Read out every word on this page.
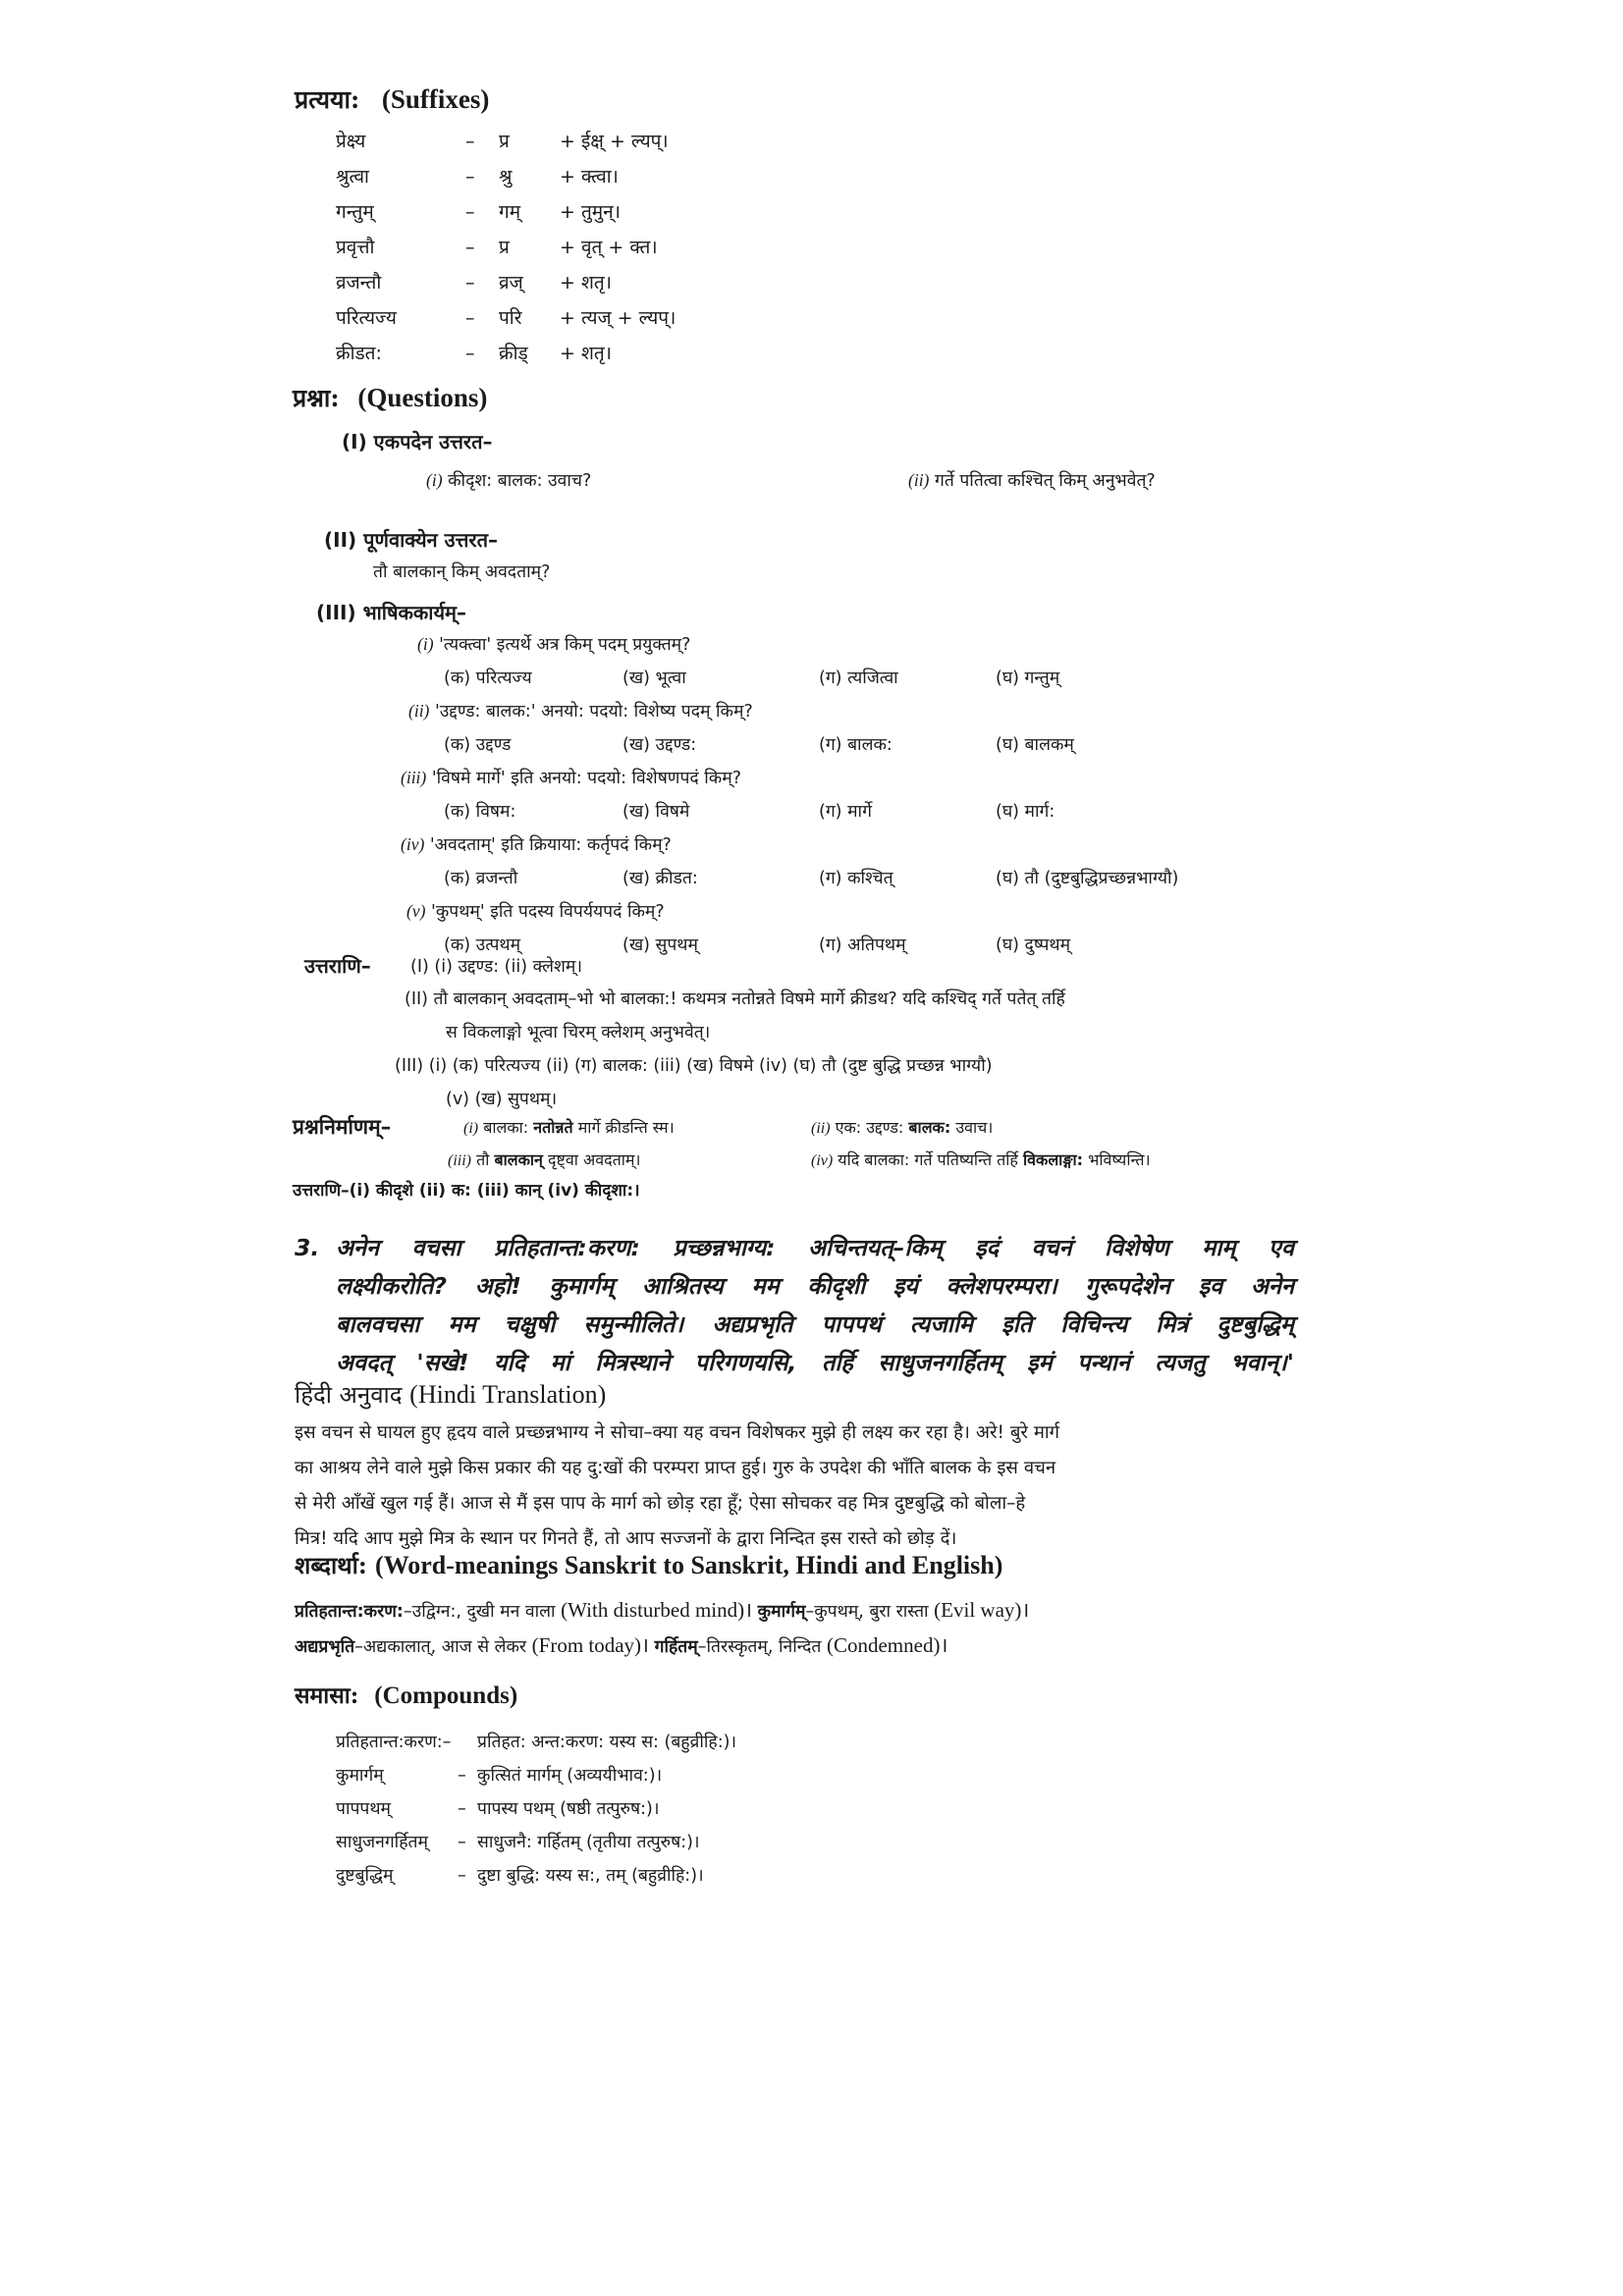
प्रत्यया: (Suffixes)
प्रेक्ष्य	– प्र	+ ईक्ष् + ल्यप्।
श्रुत्वा	– श्रु	+ क्त्वा।
गन्तुम्	– गम् + तुमुन्।
प्रवृत्तौ	– प्र	+ वृत् + क्त।
व्रजन्तौ	– व्रज् + शतृ।
परित्यज्य	– परि + त्यज् + ल्यप्।
क्रीडत:	– क्रीड् + शतृ।
प्रश्ना: (Questions)
(I) एकपदेन उत्तरत–
(i) कीदृश: बालक: उवाच?	(ii) गर्ते पतित्वा कश्चित् किम् अनुभवेत्?
(II) पूर्णवाक्येन उत्तरत–
तौ बालकान् किम् अवदताम्?
(III) भाषिककार्यम्–
(i) 'त्यक्त्वा' इत्यर्थे अत्र किम् पदम् प्रयुक्तम्?
(क) परित्यज्य	(ख) भूत्वा	(ग) त्यजित्वा	(घ) गन्तुम्
(ii) 'उद्दण्ड: बालक:' अनयो: पदयो: विशेष्य पदम् किम्?
(क) उद्दण्ड	(ख) उद्दण्ड:	(ग) बालक:	(घ) बालकम्
(iii) 'विषमे मार्गे' इति अनयो: पदयो: विशेषणपदं किम्?
(क) विषम:	(ख) विषमे	(ग) मार्गे	(घ) मार्ग:
(iv) 'अवदताम्' इति क्रियाया: कर्तृपदं किम्?
(क) व्रजन्तौ	(ख) क्रीडत:	(ग) कश्चित्	(घ) तौ (दुष्टबुद्धिप्रच्छन्नभाग्यौ)
(v) 'कुपथम्' इति पदस्य विपर्ययपदं किम्?
(क) उत्पथम्	(ख) सुपथम्	(ग) अतिपथम्	(घ) दुष्पथम्
उत्तराणि– (I) (i) उद्दण्ड: (ii) क्लेशम्।
(II) तौ बालकान् अवदताम्–भो भो बालका:! कथमत्र नतोन्नते विषमे मार्गे क्रीडथ? यदि कश्चिद् गर्ते पतेत् तर्हि
स विकलाङ्गो भूत्वा चिरम् क्लेशम् अनुभवेत्।
(III) (i) (क) परित्यज्य (ii) (ग) बालक: (iii) (ख) विषमे (iv) (घ) तौ (दुष्ट बुद्धि प्रच्छन्न भाग्यौ)
(v) (ख) सुपथम्।
प्रश्ननिर्माणम्–	(i) बालका: नतोन्नते मार्गे क्रीडन्ति स्म।	(ii) एक: उद्दण्ड: बालक: उवाच।
(iii) तौ बालकान् दृष्ट्वा अवदताम्।	(iv) यदि बालका: गर्ते पतिष्यन्ति तर्हि विकलाङ्गा: भविष्यन्ति।
उत्तराणि–(i) कीदृशे (ii) क: (iii) कान् (iv) कीदृशा:।
3. अनेन वचसा प्रतिहतान्त:करण: प्रच्छन्नभाग्य: अचिन्तयत्–किम् इदं वचनं विशेषेण माम् एव
लक्ष्यीकरोति? अहो! कुमार्गम् आश्रितस्य मम कीदृशी इयं क्लेशपरम्परा। गुरूपदेशेन इव अनेन
बालवचसा मम चक्षुषी समुन्मीलिते। अद्यप्रभृति पापपथं त्यजामि इति विचिन्त्य मित्रं दुष्टबुद्धिम्
अवदत् 'सखे! यदि मां मित्रस्थाने परिगणयसि, तर्हि साधुजनगर्हितम् इमं पन्थानं त्यजतु भवान्।'
हिंदी अनुवाद (Hindi Translation)
इस वचन से घायल हुए हृदय वाले प्रच्छन्नभाग्य ने सोचा–क्या यह वचन विशेषकर मुझे ही लक्ष्य कर रहा है। अरे! बुरे मार्ग
का आश्रय लेने वाले मुझे किस प्रकार की यह दु:खों की परम्परा प्राप्त हुई। गुरु के उपदेश की भाँति बालक के इस वचन
से मेरी आँखें खुल गई हैं। आज से मैं इस पाप के मार्ग को छोड़ रहा हूँ; ऐसा सोचकर वह मित्र दुष्टबुद्धि को बोला–हे
मित्र! यदि आप मुझे मित्र के स्थान पर गिनते हैं, तो आप सज्जनों के द्वारा निन्दित इस रास्ते को छोड़ दें।
शब्दार्था: (Word-meanings Sanskrit to Sanskrit, Hindi and English)
प्रतिहतान्त:करण:–उद्विग्न:, दुखी मन वाला (With disturbed mind)। कुमार्गम्–कुपथम्, बुरा रास्ता (Evil way)।
अद्यप्रभृति–अद्यकालात्, आज से लेकर (From today)। गर्हितम्–तिरस्कृतम्, निन्दित (Condemned)।
समासा: (Compounds)
प्रतिहतान्त:करण:– प्रतिहत: अन्त:करण: यस्य स: (बहुव्रीहि:)।
कुमार्गम्	– कुत्सितं मार्गम् (अव्ययीभाव:)।
पापपथम्	– पापस्य पथम् (षष्ठी तत्पुरुष:)।
साधुजनगर्हितम् – साधुजनै: गर्हितम् (तृतीया तत्पुरुष:)।
दुष्टबुद्धिम्	– दुष्टा बुद्धि: यस्य स:, तम् (बहुव्रीहि:)।
